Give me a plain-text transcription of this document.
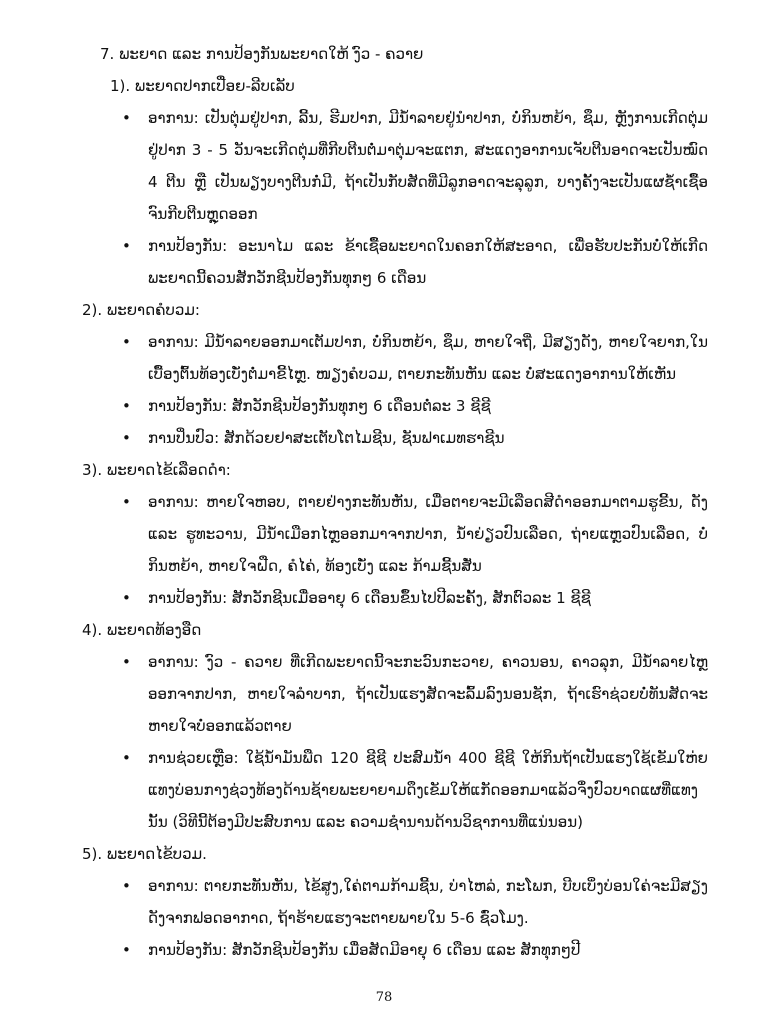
7. ພະຍາດ ແລະ ການປ້ອງກັນພະຍາດໃຫ້ ງົວ - ຄວາຍ

1). ພະຍາດປາກເປື່ອຍ-ລີບເລັບ

• ອາການ: ເປັນຕຸ່ມຢູ່ປາກ, ລີ້ນ, ຮີມປາກ, ມີນ້ຳລາຍຢູ່ນຳປາກ, ບໍ່ກິນຫຍ້າ, ຊຶມ, ຫຼັງການເກີດຕຸ່ມ ຢູ່ປາກ 3 - 5 ວັນຈະເກີດຕຸ່ມທີ່ກີບຕີນຕໍ່ມາຕຸ່ມຈະແຕກ, ສະແດງອາການເຈັບຕີນອາດຈະເປັນໝົດ 4 ຕີນ ຫຼື ເປັນພຽງບາງຕີນກໍ່ມີ, ຖ້າເປັນກັບສັດທີ່ມີລູກອາດຈະລຸລູກ, ບາງຄັ້ງຈະເປັນແຜຊ້ຳເຊື້ອຈົນກີບຕີນຫຼຸດອອກ
• ການປ້ອງກັນ: ອະນາໄມ ແລະ ຂ້າເຊື້ອພະຍາດໃນຄອກໃຫ້ສະອາດ, ເພື່ອຮັບປະກັນບໍ່ໃຫ້ເກີດພະຍາດນີ້ຄວນສັກວັກຊີນປ້ອງກັນທຸກໆ 6 ເດືອນ

2). ພະຍາດຄໍບວມ:

• ອາການ: ມີນ້ຳລາຍອອກມາເຕັມປາກ, ບໍ່ກິນຫຍ້າ, ຊຶມ, ຫາຍໃຈຖີ່, ມີສຽງດັງ, ຫາຍໃຈຍາກ,ໃນເບື້ອງຕົ້ນທ້ອງເບັ່ງຕໍ່ມາຂີ້ໄຫຼ. ໜຽງຄໍບວມ, ຕາຍກະທັນຫັນ ແລະ ບໍ່ສະແດງອາການໃຫ້ເຫັນ
• ການປ້ອງກັນ: ສັກວັກຊີນປ້ອງກັນທຸກໆ 6 ເດືອນຕໍ່ລະ 3 ຊີຊີ
• ການປິ່ນປົວ: ສັກດ້ວຍຢາສະເຕັບໂຕໄມຊີນ, ຊັນຟາເມທຮາຊີນ

3). ພະຍາດໄຂ້ເລືອດດຳ:

• ອາການ: ຫາຍໃຈຫອບ, ຕາຍຢ່າງກະທັນຫັນ, ເມື່ອຕາຍຈະມີເລືອດສີດຳອອກມາຕາມຮູຂີ້ນ, ດັງ ແລະ ຮູທະວານ, ມີນ້ຳເມືອກໄຫຼອອກມາຈາກປາກ, ນ້ຳຍ່ຽວປົນເລືອດ, ຖ່າຍແຫຼວປົນເລືອດ, ບໍ່ກິນຫຍ້າ, ຫາຍໃຈຝືດ, ຄໍໄຄ່, ທ້ອງເບັ່ງ ແລະ ກ້າມຊີ້ນສັ່ນ
• ການປ້ອງກັນ: ສັກວັກຊີນເມື່ອອາຍຸ 6 ເດືອນຂຶ້ນໄປປີລະຄັ້ງ, ສັກຕົວລະ 1 ຊີຊີ

4). ພະຍາດທ້ອງອືດ

• ອາການ: ງົວ - ຄວາຍ ທີ່ເກີດພະຍາດນີ້ຈະກະວົນກະວາຍ, ຄາວນອນ, ຄາວລຸກ, ມີນ້ຳລາຍໄຫຼອອກຈາກປາກ, ຫາຍໃຈລຳບາກ, ຖ້າເປັນແຮງສັດຈະລົ້ມລົງນອນຊັກ, ຖ້າເຮົາຊ່ວຍບໍ່ທັນສັດຈະຫາຍໃຈບໍ່ອອກແລ້ວຕາຍ
• ການຊ່ວຍເຫຼືອ: ໃຊ້ນ້ຳມັນພືດ 120 ຊີຊີ ປະສົມນ້ຳ 400 ຊີຊີ ໃຫ້ກິນຖ້າເປັນແຮງໃຊ້ເຂັມໃຫ່ຍແທງບ່ອນກາງຊ່ວງທ້ອງດ້ານຊ້າຍພະຍາຍາມດຶງເຂັມໃຫ້ແກັດອອກມາແລ້ວຈຶ່ງປົວບາດແຜທີ່ແທງນັ້ນ (ວິທີນີ້ຕ້ອງມີປະສົບການ ແລະ ຄວາມຊຳນານດ້ານວິຊາການທີ່ແນ່ນອນ)

5). ພະຍາດໄຂ້ບວມ.

• ອາການ: ຕາຍກະທັນຫັນ, ໄຂ້ສູງ,ໃຄ່ຕາມກ້າມຊີ້ນ, ບ່າໄຫລ່, ກະໂພກ, ບີບເບິ່ງບ່ອນໃຄ່ຈະມີສຽງດັງຈາກຟອດອາກາດ, ຖ້າຮ້າຍແຮງຈະຕາຍພາຍໃນ 5-6 ຊົ່ວໂມງ.
• ການປ້ອງກັນ: ສັກວັກຊີນປ້ອງກັນ ເມື່ອສັດມີອາຍຸ 6 ເດືອນ ແລະ ສັກທຸກໆປີ
78
